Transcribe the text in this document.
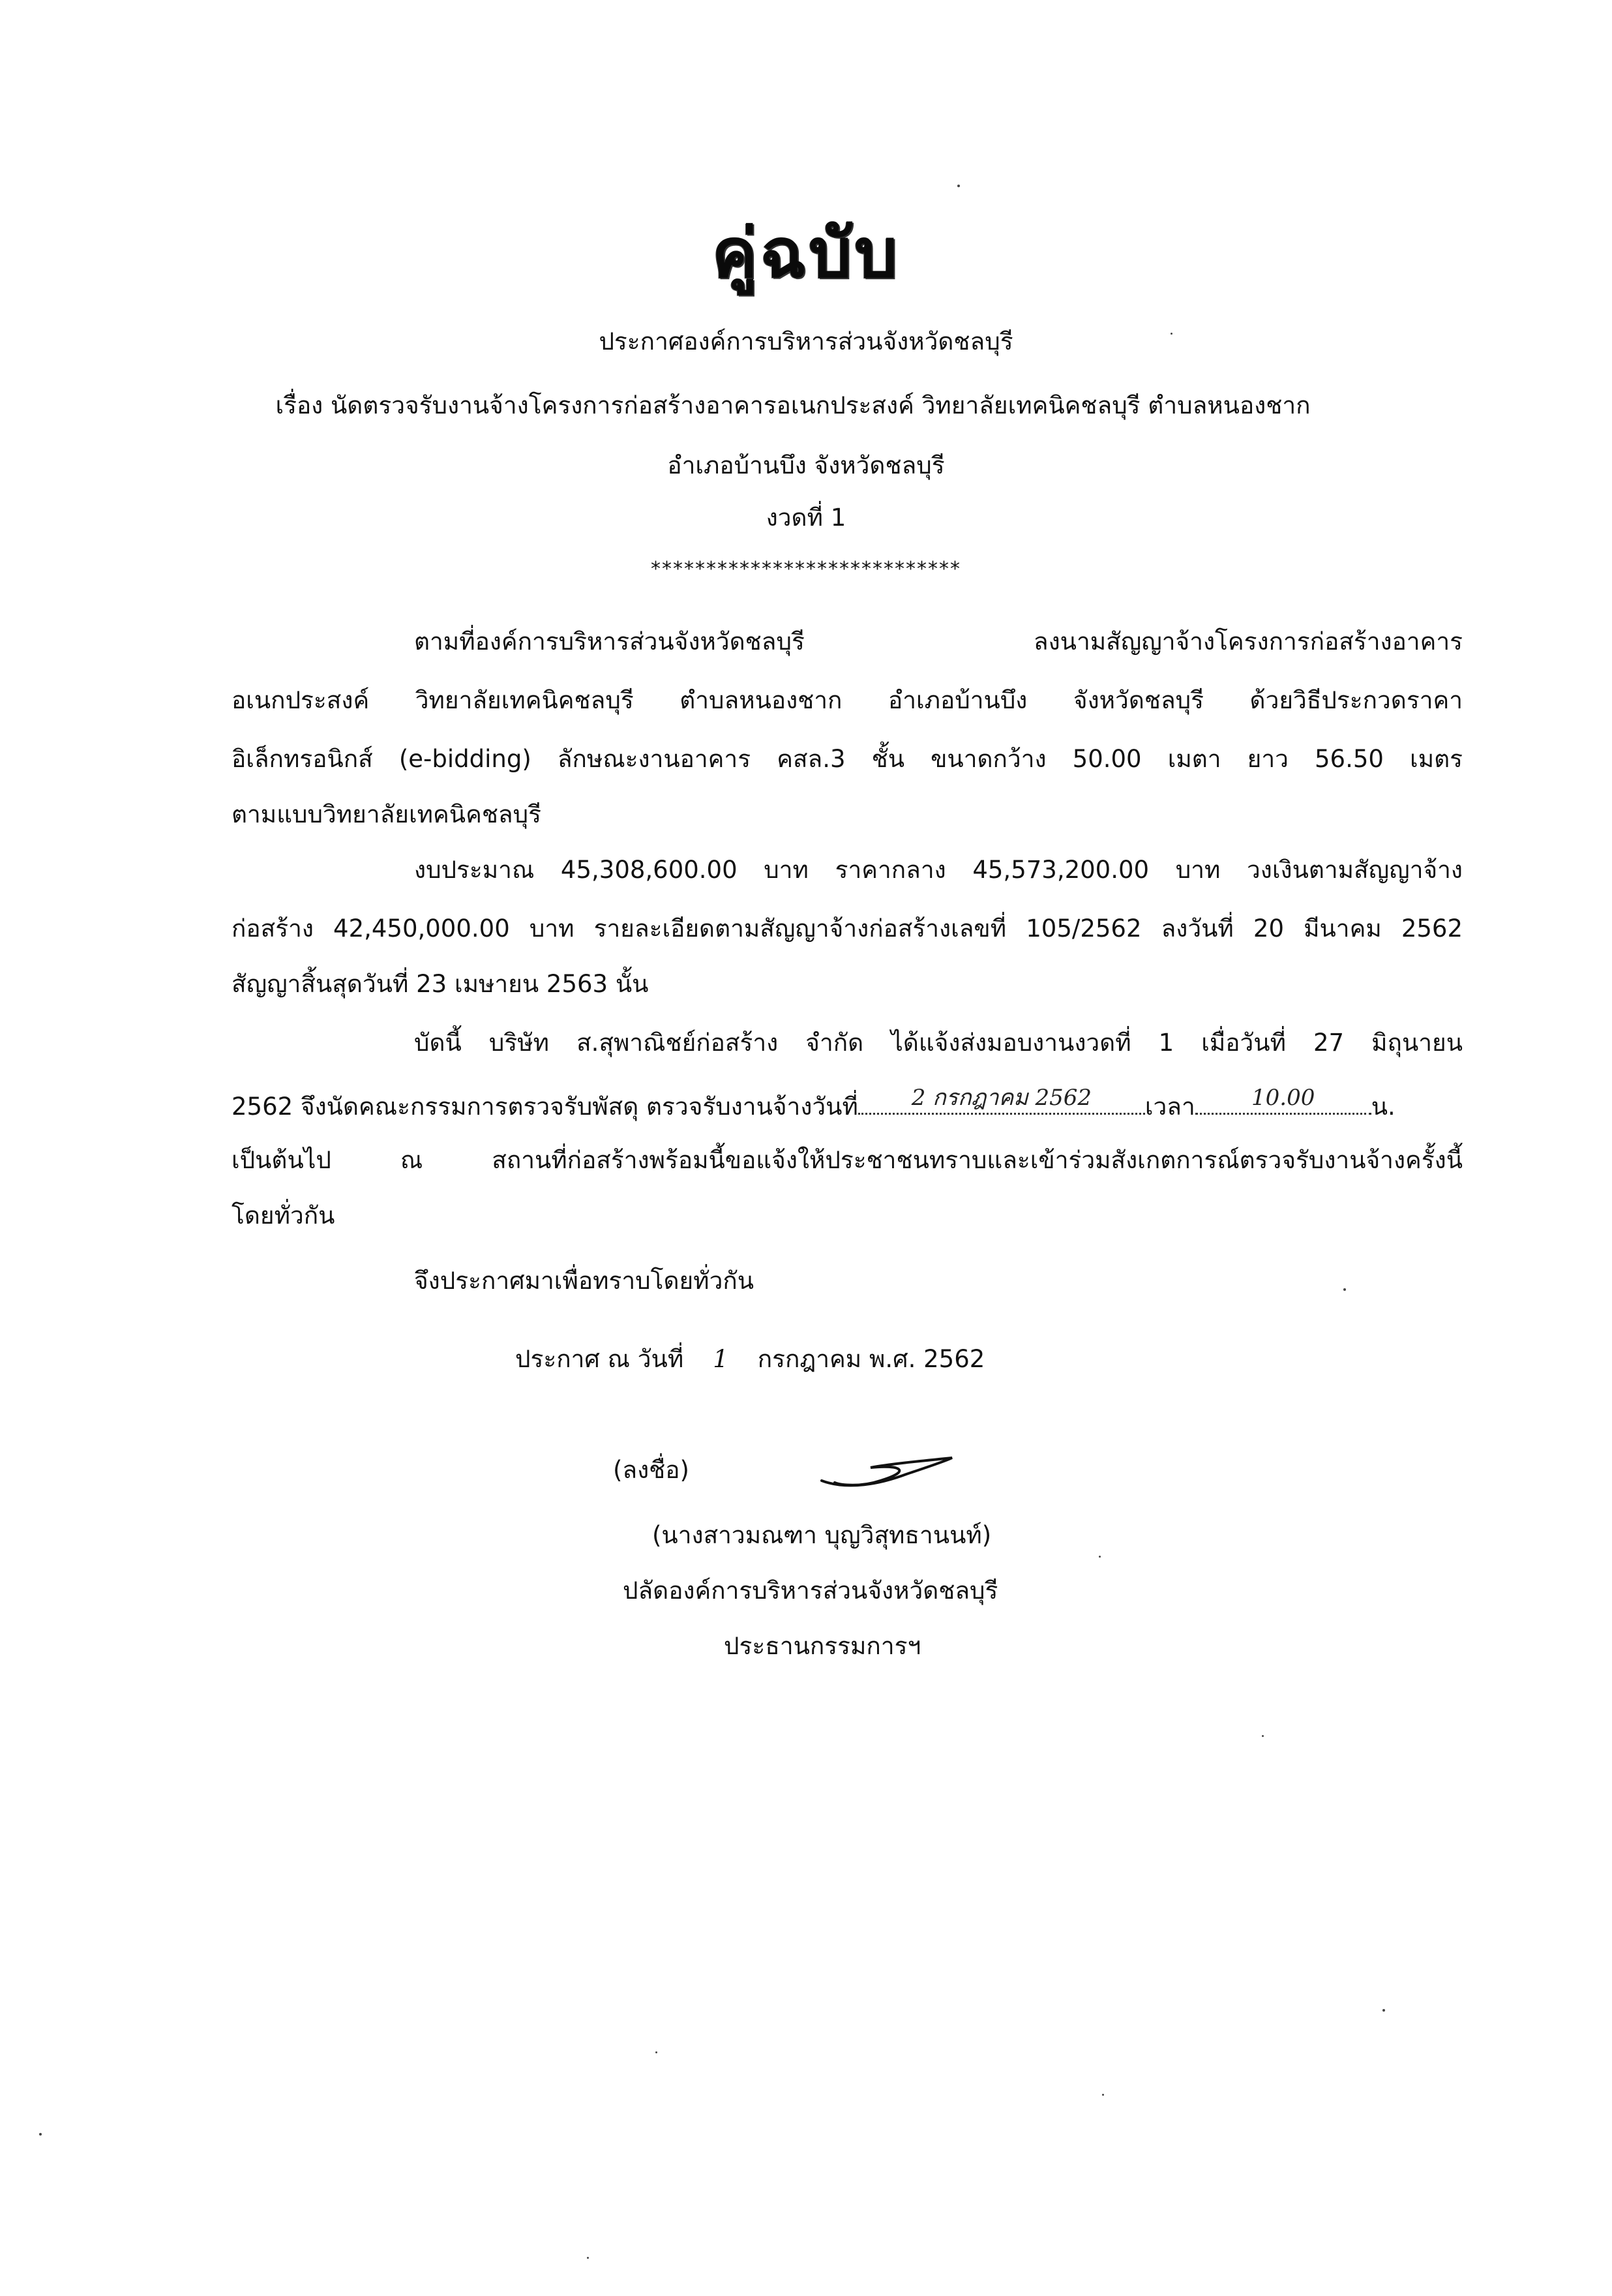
คู่ฉบับ
ประกาศองค์การบริหารส่วนจังหวัดชลบุรี
เรื่อง นัดตรวจรับงานจ้างโครงการก่อสร้างอาคารอเนกประสงค์ วิทยาลัยเทคนิคชลบุรี ตำบลหนองชาก
อำเภอบ้านบึง จังหวัดชลบุรี
งวดที่ 1
****************************
ตามที่องค์การบริหารส่วนจังหวัดชลบุรี ลงนามสัญญาจ้างโครงการก่อสร้างอาคาร
อเนกประสงค์ วิทยาลัยเทคนิคชลบุรี ตำบลหนองชาก อำเภอบ้านบึง จังหวัดชลบุรี ด้วยวิธีประกวดราคา
อิเล็กทรอนิกส์ (e-bidding) ลักษณะงานอาคาร คสล.3 ชั้น ขนาดกว้าง 50.00 เมตา ยาว 56.50 เมตร
ตามแบบวิทยาลัยเทคนิคชลบุรี
งบประมาณ 45,308,600.00 บาท ราคากลาง 45,573,200.00 บาท วงเงินตามสัญญาจ้าง
ก่อสร้าง 42,450,000.00 บาท รายละเอียดตามสัญญาจ้างก่อสร้างเลขที่ 105/2562 ลงวันที่ 20 มีนาคม 2562
สัญญาสิ้นสุดวันที่ 23 เมษายน 2563 นั้น
บัดนี้ บริษัท ส.สุพาณิชย์ก่อสร้าง จำกัด ได้แจ้งส่งมอบงานงวดที่ 1 เมื่อวันที่ 27 มิถุนายน
2562 จึงนัดคณะกรรมการตรวจรับพัสดุ ตรวจรับงานจ้างวันที่	2 กรกฎาคม 2562	เวลา	10.00	น.
เป็นต้นไป ณ สถานที่ก่อสร้างพร้อมนี้ขอแจ้งให้ประชาชนทราบและเข้าร่วมสังเกตการณ์ตรวจรับงานจ้างครั้งนี้
โดยทั่วกัน
จึงประกาศมาเพื่อทราบโดยทั่วกัน
ประกาศ ณ วันที่ 1 กรกฎาคม พ.ศ. 2562
(ลงชื่อ)
(นางสาวมณฑา บุญวิสุทธานนท์)
ปลัดองค์การบริหารส่วนจังหวัดชลบุรี
ประธานกรรมการฯ
